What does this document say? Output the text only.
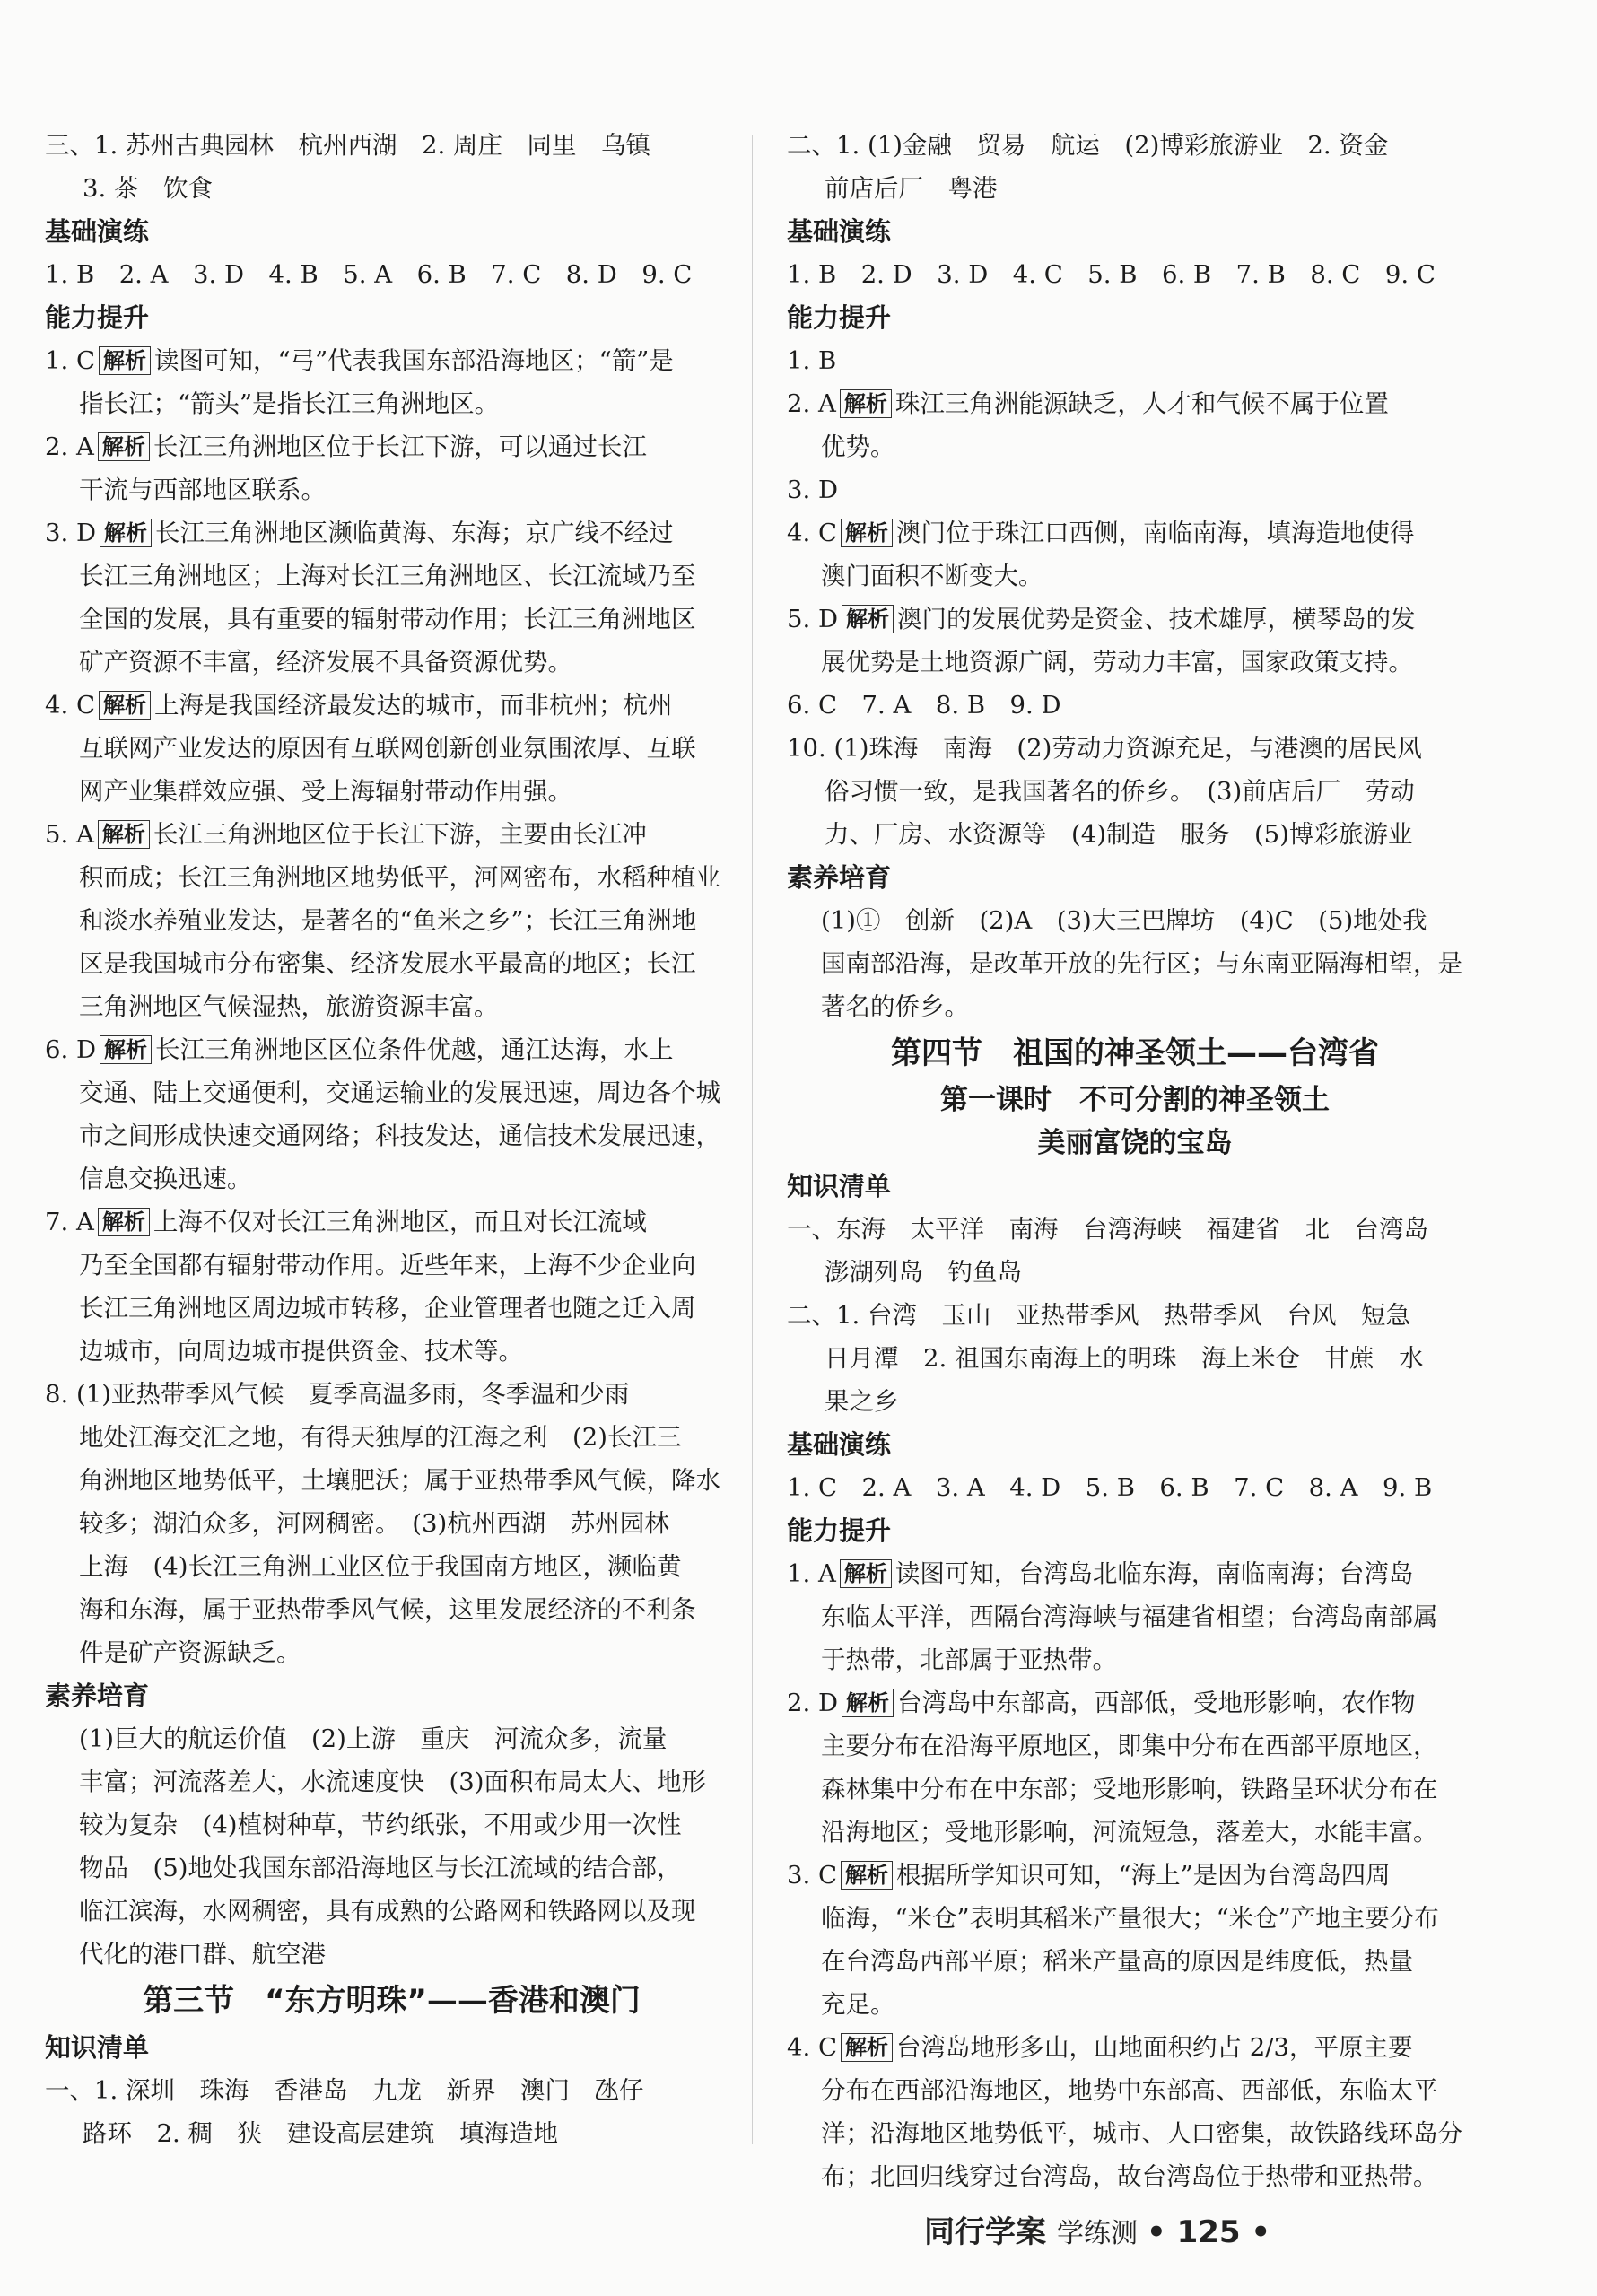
三、1. 苏州古典园林　杭州西湖　2. 周庄　同里　乌镇
3. 茶　饮食
基础演练
1. B　2. A　3. D　4. B　5. A　6. B　7. C　8. D　9. C
能力提升
1. C 解析 读图可知，“弓”代表我国东部沿海地区；“箭”是
指长江；“箭头”是指长江三角洲地区。
2. A 解析 长江三角洲地区位于长江下游，可以通过长江
干流与西部地区联系。
3. D 解析 长江三角洲地区濒临黄海、东海；京广线不经过
长江三角洲地区；上海对长江三角洲地区、长江流域乃至
全国的发展，具有重要的辐射带动作用；长江三角洲地区
矿产资源不丰富，经济发展不具备资源优势。
4. C 解析 上海是我国经济最发达的城市，而非杭州；杭州
互联网产业发达的原因有互联网创新创业氛围浓厚、互联
网产业集群效应强、受上海辐射带动作用强。
5. A 解析 长江三角洲地区位于长江下游，主要由长江冲
积而成；长江三角洲地区地势低平，河网密布，水稻种植业
和淡水养殖业发达，是著名的“鱼米之乡”；长江三角洲地
区是我国城市分布密集、经济发展水平最高的地区；长江
三角洲地区气候湿热，旅游资源丰富。
6. D 解析 长江三角洲地区区位条件优越，通江达海，水上
交通、陆上交通便利，交通运输业的发展迅速，周边各个城
市之间形成快速交通网络；科技发达，通信技术发展迅速，
信息交换迅速。
7. A 解析 上海不仅对长江三角洲地区，而且对长江流域
乃至全国都有辐射带动作用。近些年来，上海不少企业向
长江三角洲地区周边城市转移，企业管理者也随之迁入周
边城市，向周边城市提供资金、技术等。
8. (1)亚热带季风气候　夏季高温多雨，冬季温和少雨
地处江海交汇之地，有得天独厚的江海之利　(2)长江三
角洲地区地势低平，土壤肥沃；属于亚热带季风气候，降水
较多；湖泊众多，河网稠密。　(3)杭州西湖　苏州园林
上海　(4)长江三角洲工业区位于我国南方地区，濒临黄
海和东海，属于亚热带季风气候，这里发展经济的不利条
件是矿产资源缺乏。
素养培育
(1)巨大的航运价值　(2)上游　重庆　河流众多，流量
丰富；河流落差大，水流速度快　(3)面积布局太大、地形
较为复杂　(4)植树种草，节约纸张，不用或少用一次性
物品　(5)地处我国东部沿海地区与长江流域的结合部，
临江滨海，水网稠密，具有成熟的公路网和铁路网以及现
代化的港口群、航空港
第三节　“东方明珠”——香港和澳门
知识清单
一、1. 深圳　珠海　香港岛　九龙　新界　澳门　氹仔
路环　2. 稠　狭　建设高层建筑　填海造地
二、1. (1)金融　贸易　航运　(2)博彩旅游业　2. 资金
前店后厂　粤港
基础演练
1. B　2. D　3. D　4. C　5. B　6. B　7. B　8. C　9. C
能力提升
1. B
2. A 解析 珠江三角洲能源缺乏，人才和气候不属于位置
优势。
3. D
4. C 解析 澳门位于珠江口西侧，南临南海，填海造地使得
澳门面积不断变大。
5. D 解析 澳门的发展优势是资金、技术雄厚，横琴岛的发
展优势是土地资源广阔，劳动力丰富，国家政策支持。
6. C　7. A　8. B　9. D
10. (1)珠海　南海　(2)劳动力资源充足，与港澳的居民风
俗习惯一致，是我国著名的侨乡。　(3)前店后厂　劳动
力、厂房、水资源等　(4)制造　服务　(5)博彩旅游业
素养培育
(1)①　创新　(2)A　(3)大三巴牌坊　(4)C　(5)地处我
国南部沿海，是改革开放的先行区；与东南亚隔海相望，是
著名的侨乡。
第四节　祖国的神圣领土——台湾省
第一课时　不可分割的神圣领土
美丽富饶的宝岛
知识清单
一、东海　太平洋　南海　台湾海峡　福建省　北　台湾岛
澎湖列岛　钓鱼岛
二、1. 台湾　玉山　亚热带季风　热带季风　台风　短急
日月潭　2. 祖国东南海上的明珠　海上米仓　甘蔗　水
果之乡
基础演练
1. C　2. A　3. A　4. D　5. B　6. B　7. C　8. A　9. B
能力提升
1. A 解析 读图可知，台湾岛北临东海，南临南海；台湾岛
东临太平洋，西隔台湾海峡与福建省相望；台湾岛南部属
于热带，北部属于亚热带。
2. D 解析 台湾岛中东部高，西部低，受地形影响，农作物
主要分布在沿海平原地区，即集中分布在西部平原地区，
森林集中分布在中东部；受地形影响，铁路呈环状分布在
沿海地区；受地形影响，河流短急，落差大，水能丰富。
3. C 解析 根据所学知识可知，“海上”是因为台湾岛四周
临海，“米仓”表明其稻米产量很大；“米仓”产地主要分布
在台湾岛西部平原；稻米产量高的原因是纬度低，热量
充足。
4. C 解析 台湾岛地形多山，山地面积约占 2/3，平原主要
分布在西部沿海地区，地势中东部高、西部低，东临太平
洋；沿海地区地势低平，城市、人口密集，故铁路线环岛分
布；北回归线穿过台湾岛，故台湾岛位于热带和亚热带。
同行学案 学练测 • 125 •
